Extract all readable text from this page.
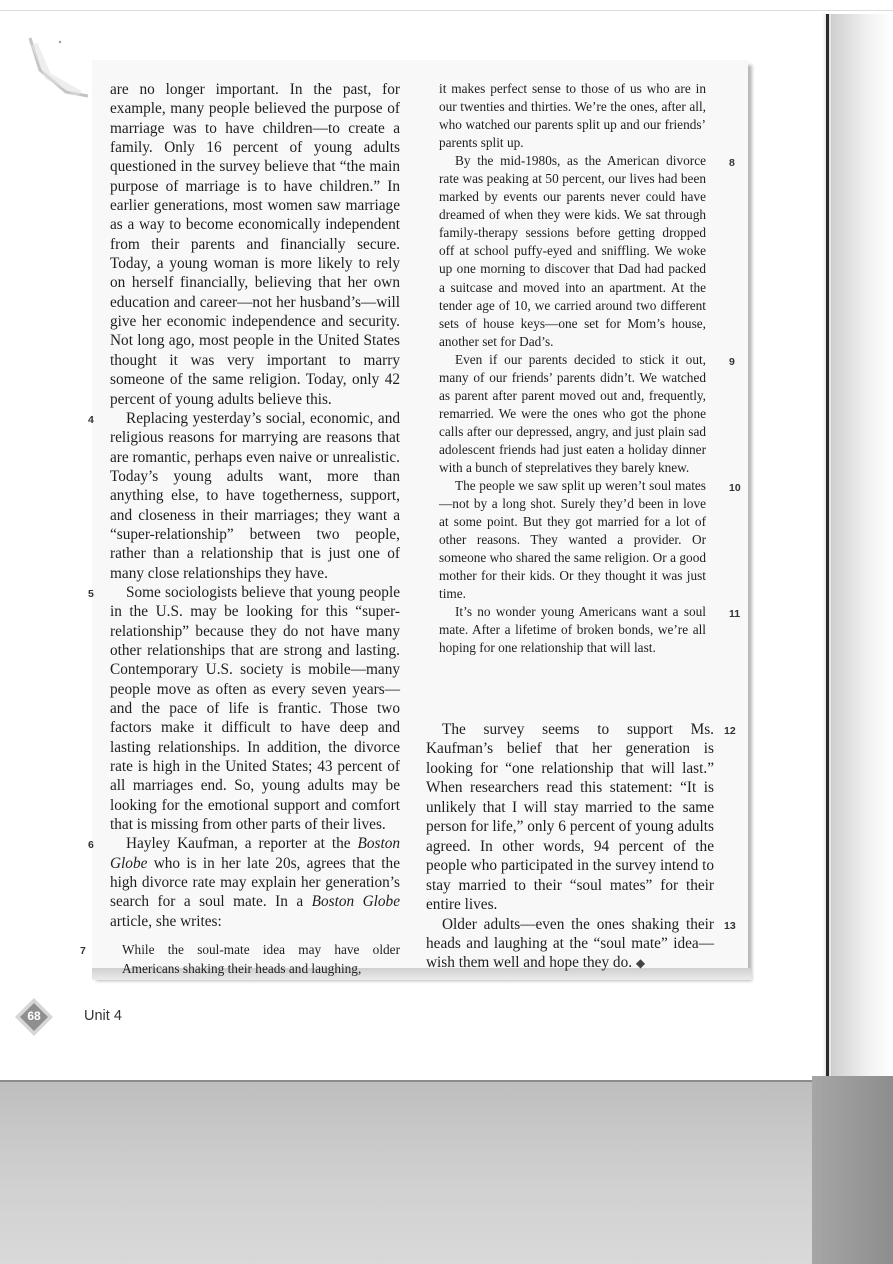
are no longer important. In the past, for example, many people believed the purpose of marriage was to have children—to create a family. Only 16 percent of young adults questioned in the survey believe that “the main purpose of marriage is to have children.” In earlier generations, most women saw marriage as a way to become economically independent from their parents and financially secure. Today, a young woman is more likely to rely on herself financially, believing that her own education and career—not her husband’s—will give her economic independence and security. Not long ago, most people in the United States thought it was very important to marry someone of the same religion. Today, only 42 percent of young adults believe this.

4 Replacing yesterday’s social, economic, and religious reasons for marrying are reasons that are romantic, perhaps even naive or unrealistic. Today’s young adults want, more than anything else, to have togetherness, support, and closeness in their marriages; they want a “super-relationship” between two people, rather than a relationship that is just one of many close relationships they have.

5 Some sociologists believe that young people in the U.S. may be looking for this “super-relationship” because they do not have many other relationships that are strong and lasting. Contemporary U.S. society is mobile—many people move as often as every seven years—and the pace of life is frantic. Those two factors make it difficult to have deep and lasting relationships. In addition, the divorce rate is high in the United States; 43 percent of all marriages end. So, young adults may be looking for the emotional support and comfort that is missing from other parts of their lives.

6 Hayley Kaufman, a reporter at the Boston Globe who is in her late 20s, agrees that the high divorce rate may explain her generation’s search for a soul mate. In a Boston Globe article, she writes:

7	While the soul-mate idea may have older Americans shaking their heads and laughing,

it makes perfect sense to those of us who are in our twenties and thirties. We’re the ones, after all, who watched our parents split up and our friends’ parents split up.

8
By the mid-1980s, as the American divorce rate was peaking at 50 percent, our lives had been marked by events our parents never could have dreamed of when they were kids. We sat through family-therapy sessions before getting dropped off at school puffy-eyed and sniffling. We woke up one morning to discover that Dad had packed a suitcase and moved into an apartment. At the tender age of 10, we carried around two different sets of house keys—one set for Mom’s house, another set for Dad’s.

9
Even if our parents decided to stick it out, many of our friends’ parents didn’t. We watched as parent after parent moved out and, frequently, remarried. We were the ones who got the phone calls after our depressed, angry, and just plain sad adolescent friends had just eaten a holiday dinner with a bunch of steprelatives they barely knew.

10
The people we saw split up weren’t soul mates—not by a long shot. Surely they’d been in love at some point. But they got married for a lot of other reasons. They wanted a provider. Or someone who shared the same religion. Or a good mother for their kids. Or they thought it was just time.

11
It’s no wonder young Americans want a soul mate. After a lifetime of broken bonds, we’re all hoping for one relationship that will last.

12
The survey seems to support Ms. Kaufman’s belief that her generation is looking for “one relationship that will last.” When researchers read this statement: “It is unlikely that I will stay married to the same person for life,” only 6 percent of young adults agreed. In other words, 94 percent of the people who participated in the survey intend to stay married to their “soul mates” for their entire lives.

13
Older adults—even the ones shaking their heads and laughing at the “soul mate” idea—wish them well and hope they do. ◆

68	Unit 4
